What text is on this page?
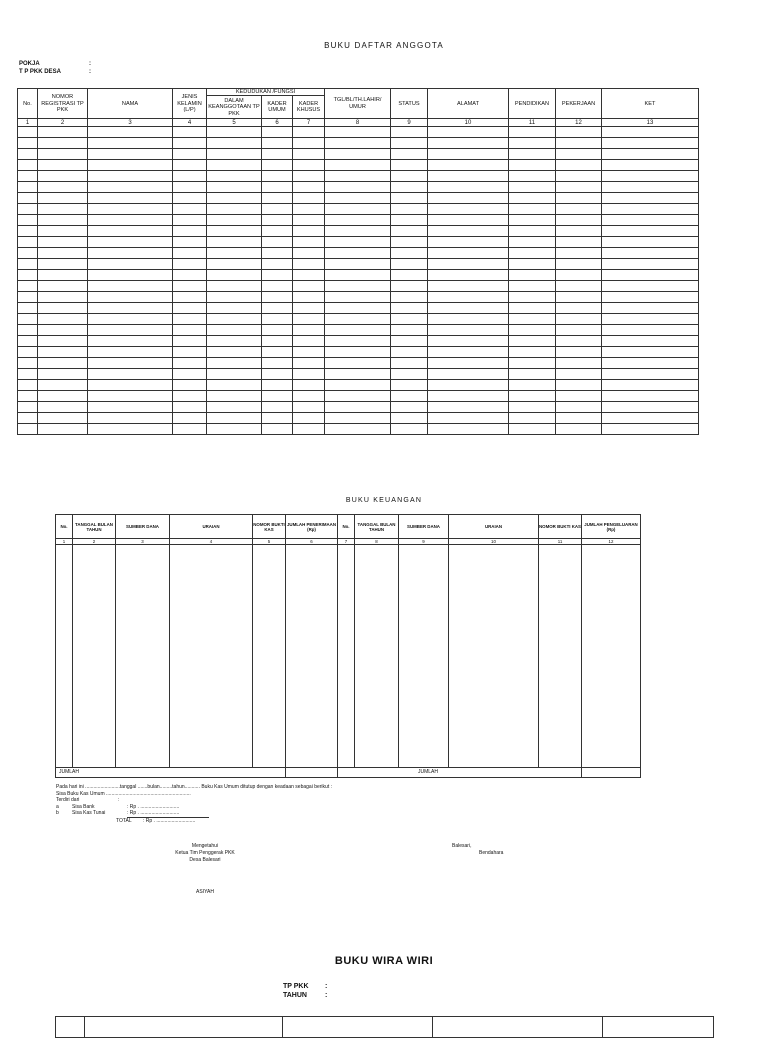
BUKU DAFTAR ANGGOTA
POKJA	:
T P PKK DESA	:
No.	NOMOR REGISTRASI TP PKK	NAMA	JENIS KELAMIN (L/P)	KEDUDUKAN /FUNGSI			TGL/BL/TH.LAHIR/ UMUR	STATUS	ALAMAT	PENDIDIKAN	PEKERJAAN	KET
				DALAM KEANGGOTAAN TP PKK	KADER UMUM	KADER KHUSUS						
1	2	3	4	5	6	7	8	9	10	11	12	13

BUKU KEUANGAN
No.	TANGGAL BULAN TAHUN	SUMBER DANA	URAIAN	NOMOR BUKTI KAS	JUMLAH PENERIMAAN (Rp)	No.	TANGGAL BULAN TAHUN	SUMBER DANA	URAIAN	NOMOR BUKTI KAS	JUMLAH PENGELUARAN (Rp)
1	2	3	4	5	6	7	8	9	10	11	12

JUMLAH						JUMLAH					
Pada hari ini .........................tanggal .......bulan.........tahun........... Buku Kas Umum ditutup dengan keadaan sebagai berikut :
Sisa Buku Kas Umum .............................................................
Terdiri dari	:
a	Sisa Bank	: Rp . ............................
b	Sisa Kas Tunai	: Rp . ............................
TOTAL	: Rp . ............................
Mengetahui
Ketua Tim Penggerak PKK
Desa Balesari
ASIYAH
Balesari,
Bendahara
BUKU WIRA WIRI
TP PKK	:
TAHUN	:
